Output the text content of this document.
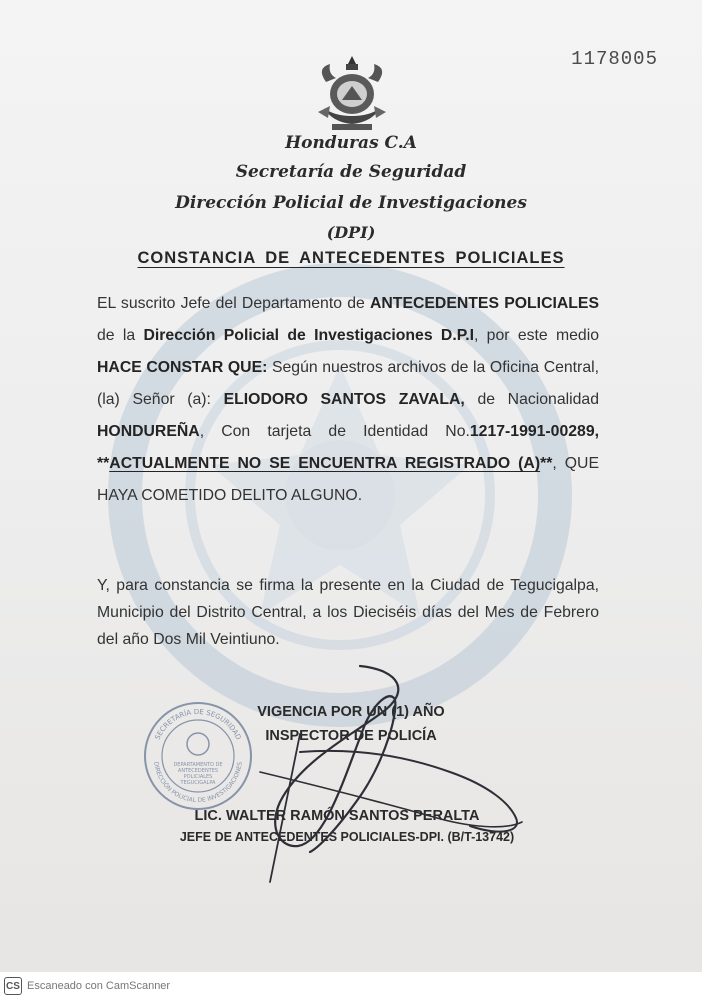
1178005
Honduras C.A
Secretaría de Seguridad
Dirección Policial de Investigaciones
(DPI)
CONSTANCIA DE ANTECEDENTES POLICIALES
EL suscrito Jefe del Departamento de ANTECEDENTES POLICIALES de la Dirección Policial de Investigaciones D.P.I, por este medio HACE CONSTAR QUE: Según nuestros archivos de la Oficina Central, (la) Señor (a): ELIODORO SANTOS ZAVALA, de Nacionalidad HONDUREÑA, Con tarjeta de Identidad No.1217-1991-00289, **ACTUALMENTE NO SE ENCUENTRA REGISTRADO (A)**, QUE HAYA COMETIDO DELITO ALGUNO.
Y, para constancia se firma la presente en la Ciudad de Tegucigalpa, Municipio del Distrito Central, a los Dieciséis días del Mes de Febrero del año Dos Mil Veintiuno.
SECRETARÍA DE SEGURIDAD
DIRECCIÓN POLICIAL DE INVESTIGACIONES
DEPARTAMENTO DE
ANTECEDENTES
POLICIALES
TEGUCIGALPA
VIGENCIA POR UN (1) AÑO
INSPECTOR DE POLICÍA
LIC. WALTER RAMÓN SANTOS PERALTA
JEFE DE ANTECEDENTES POLICIALES-DPI. (B/T-13742)
CS Escaneado con CamScanner
